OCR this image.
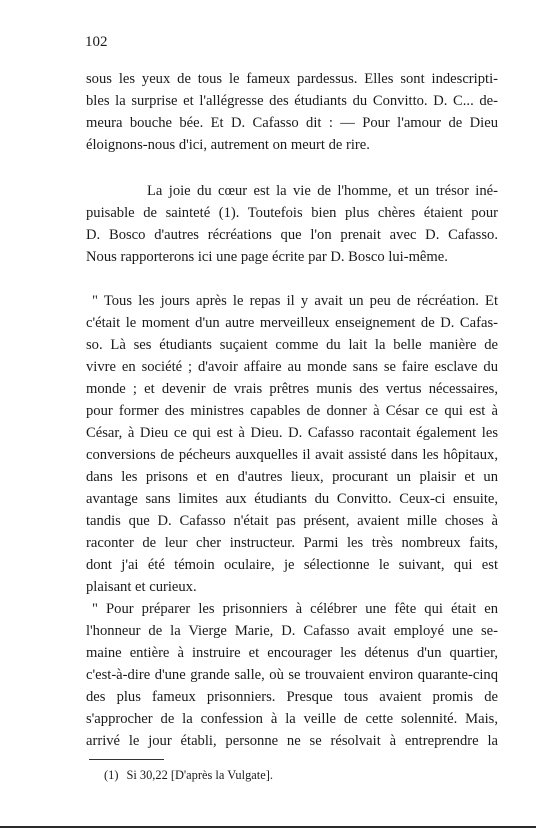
102
sous les yeux de tous le fameux pardessus. Elles sont indescripti-
bles la surprise et l'allégresse des étudiants du Convitto. D. C... de-
meura bouche bée. Et D. Cafasso dit : — Pour l'amour de Dieu
éloignons-nous d'ici, autrement on meurt de rire.
La joie du cœur est la vie de l'homme, et un trésor iné-
puisable de sainteté (1). Toutefois bien plus chères étaient pour
D. Bosco d'autres récréations que l'on prenait avec D. Cafasso.
Nous rapporterons ici une page écrite par D. Bosco lui-même.
" Tous les jours après le repas il y avait un peu de récréation. Et
c'était le moment d'un autre merveilleux enseignement de D. Cafas-
so. Là ses étudiants suçaient comme du lait la belle manière de
vivre en société ; d'avoir affaire au monde sans se faire esclave du
monde ; et devenir de vrais prêtres munis des vertus nécessaires,
pour former des ministres capables de donner à César ce qui est à
César, à Dieu ce qui est à Dieu. D. Cafasso racontait également les
conversions de pécheurs auxquelles il avait assisté dans les hôpitaux,
dans les prisons et en d'autres lieux, procurant un plaisir et un
avantage sans limites aux étudiants du Convitto. Ceux-ci ensuite,
tandis que D. Cafasso n'était pas présent, avaient mille choses à
raconter de leur cher instructeur. Parmi les très nombreux faits,
dont j'ai été témoin oculaire, je sélectionne le suivant, qui est
plaisant et curieux.
" Pour préparer les prisonniers à célébrer une fête qui était en
l'honneur de la Vierge Marie, D. Cafasso avait employé une se-
maine entière à instruire et encourager les détenus d'un quartier,
c'est-à-dire d'une grande salle, où se trouvaient environ quarante-cinq
des plus fameux prisonniers. Presque tous avaient promis de
s'approcher de la confession à la veille de cette solennité. Mais,
arrivé le jour établi, personne ne se résolvait à entreprendre la
(1) Si 30,22 [D'après la Vulgate].
